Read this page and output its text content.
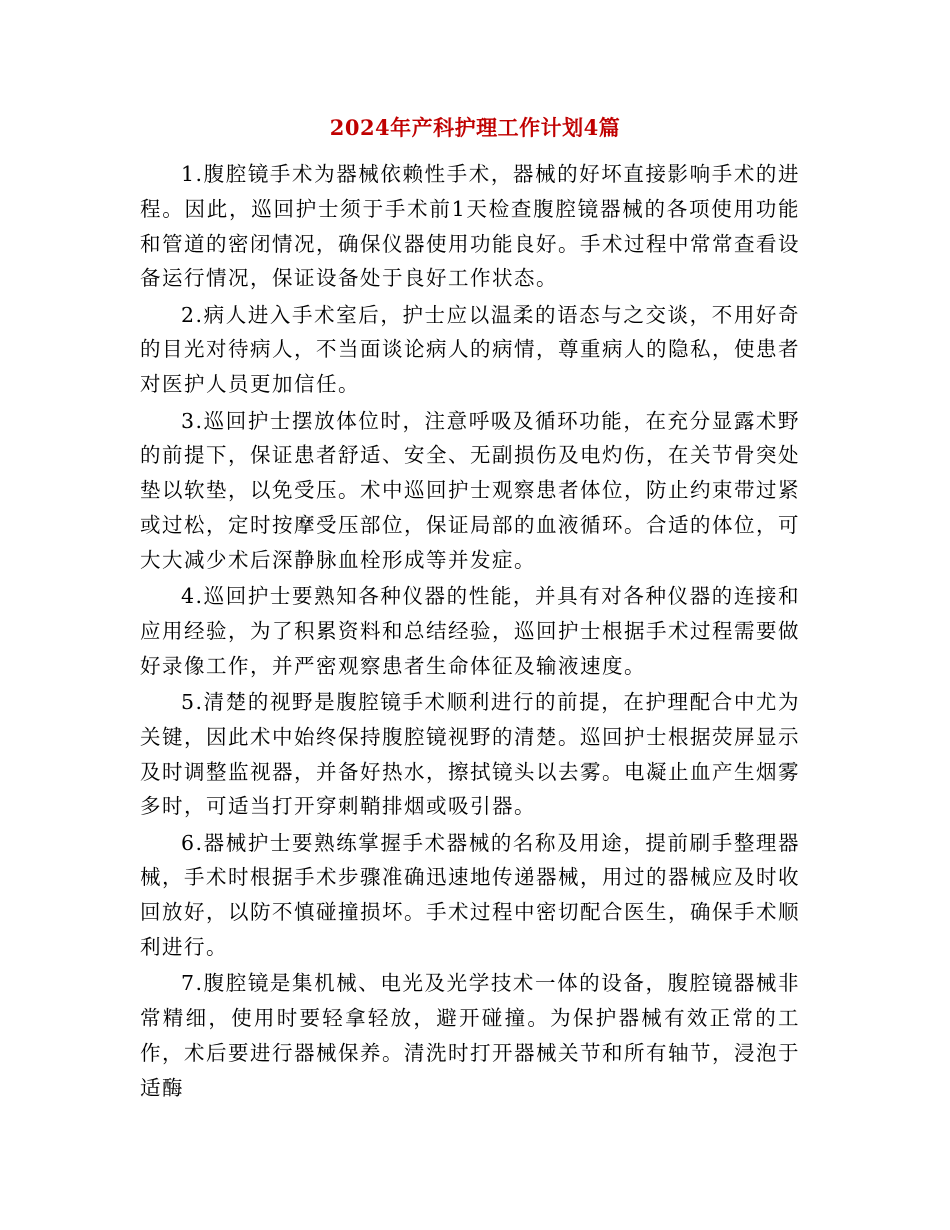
2024年产科护理工作计划4篇

1.腹腔镜手术为器械依赖性手术，器械的好坏直接影响手术的进程。因此，巡回护士须于手术前1天检查腹腔镜器械的各项使用功能和管道的密闭情况，确保仪器使用功能良好。手术过程中常常查看设备运行情况，保证设备处于良好工作状态。

2.病人进入手术室后，护士应以温柔的语态与之交谈，不用好奇的目光对待病人，不当面谈论病人的病情，尊重病人的隐私，使患者对医护人员更加信任。

3.巡回护士摆放体位时，注意呼吸及循环功能，在充分显露术野的前提下，保证患者舒适、安全、无副损伤及电灼伤，在关节骨突处垫以软垫，以免受压。术中巡回护士观察患者体位，防止约束带过紧或过松，定时按摩受压部位，保证局部的血液循环。合适的体位，可大大减少术后深静脉血栓形成等并发症。

4.巡回护士要熟知各种仪器的性能，并具有对各种仪器的连接和应用经验，为了积累资料和总结经验，巡回护士根据手术过程需要做好录像工作，并严密观察患者生命体征及输液速度。

5.清楚的视野是腹腔镜手术顺利进行的前提，在护理配合中尤为关键，因此术中始终保持腹腔镜视野的清楚。巡回护士根据荧屏显示及时调整监视器，并备好热水，擦拭镜头以去雾。电凝止血产生烟雾多时，可适当打开穿刺鞘排烟或吸引器。

6.器械护士要熟练掌握手术器械的名称及用途，提前刷手整理器械，手术时根据手术步骤准确迅速地传递器械，用过的器械应及时收回放好，以防不慎碰撞损坏。手术过程中密切配合医生，确保手术顺利进行。

7.腹腔镜是集机械、电光及光学技术一体的设备，腹腔镜器械非常精细，使用时要轻拿轻放，避开碰撞。为保护器械有效正常的工作，术后要进行器械保养。清洗时打开器械关节和所有轴节，浸泡于适酶
